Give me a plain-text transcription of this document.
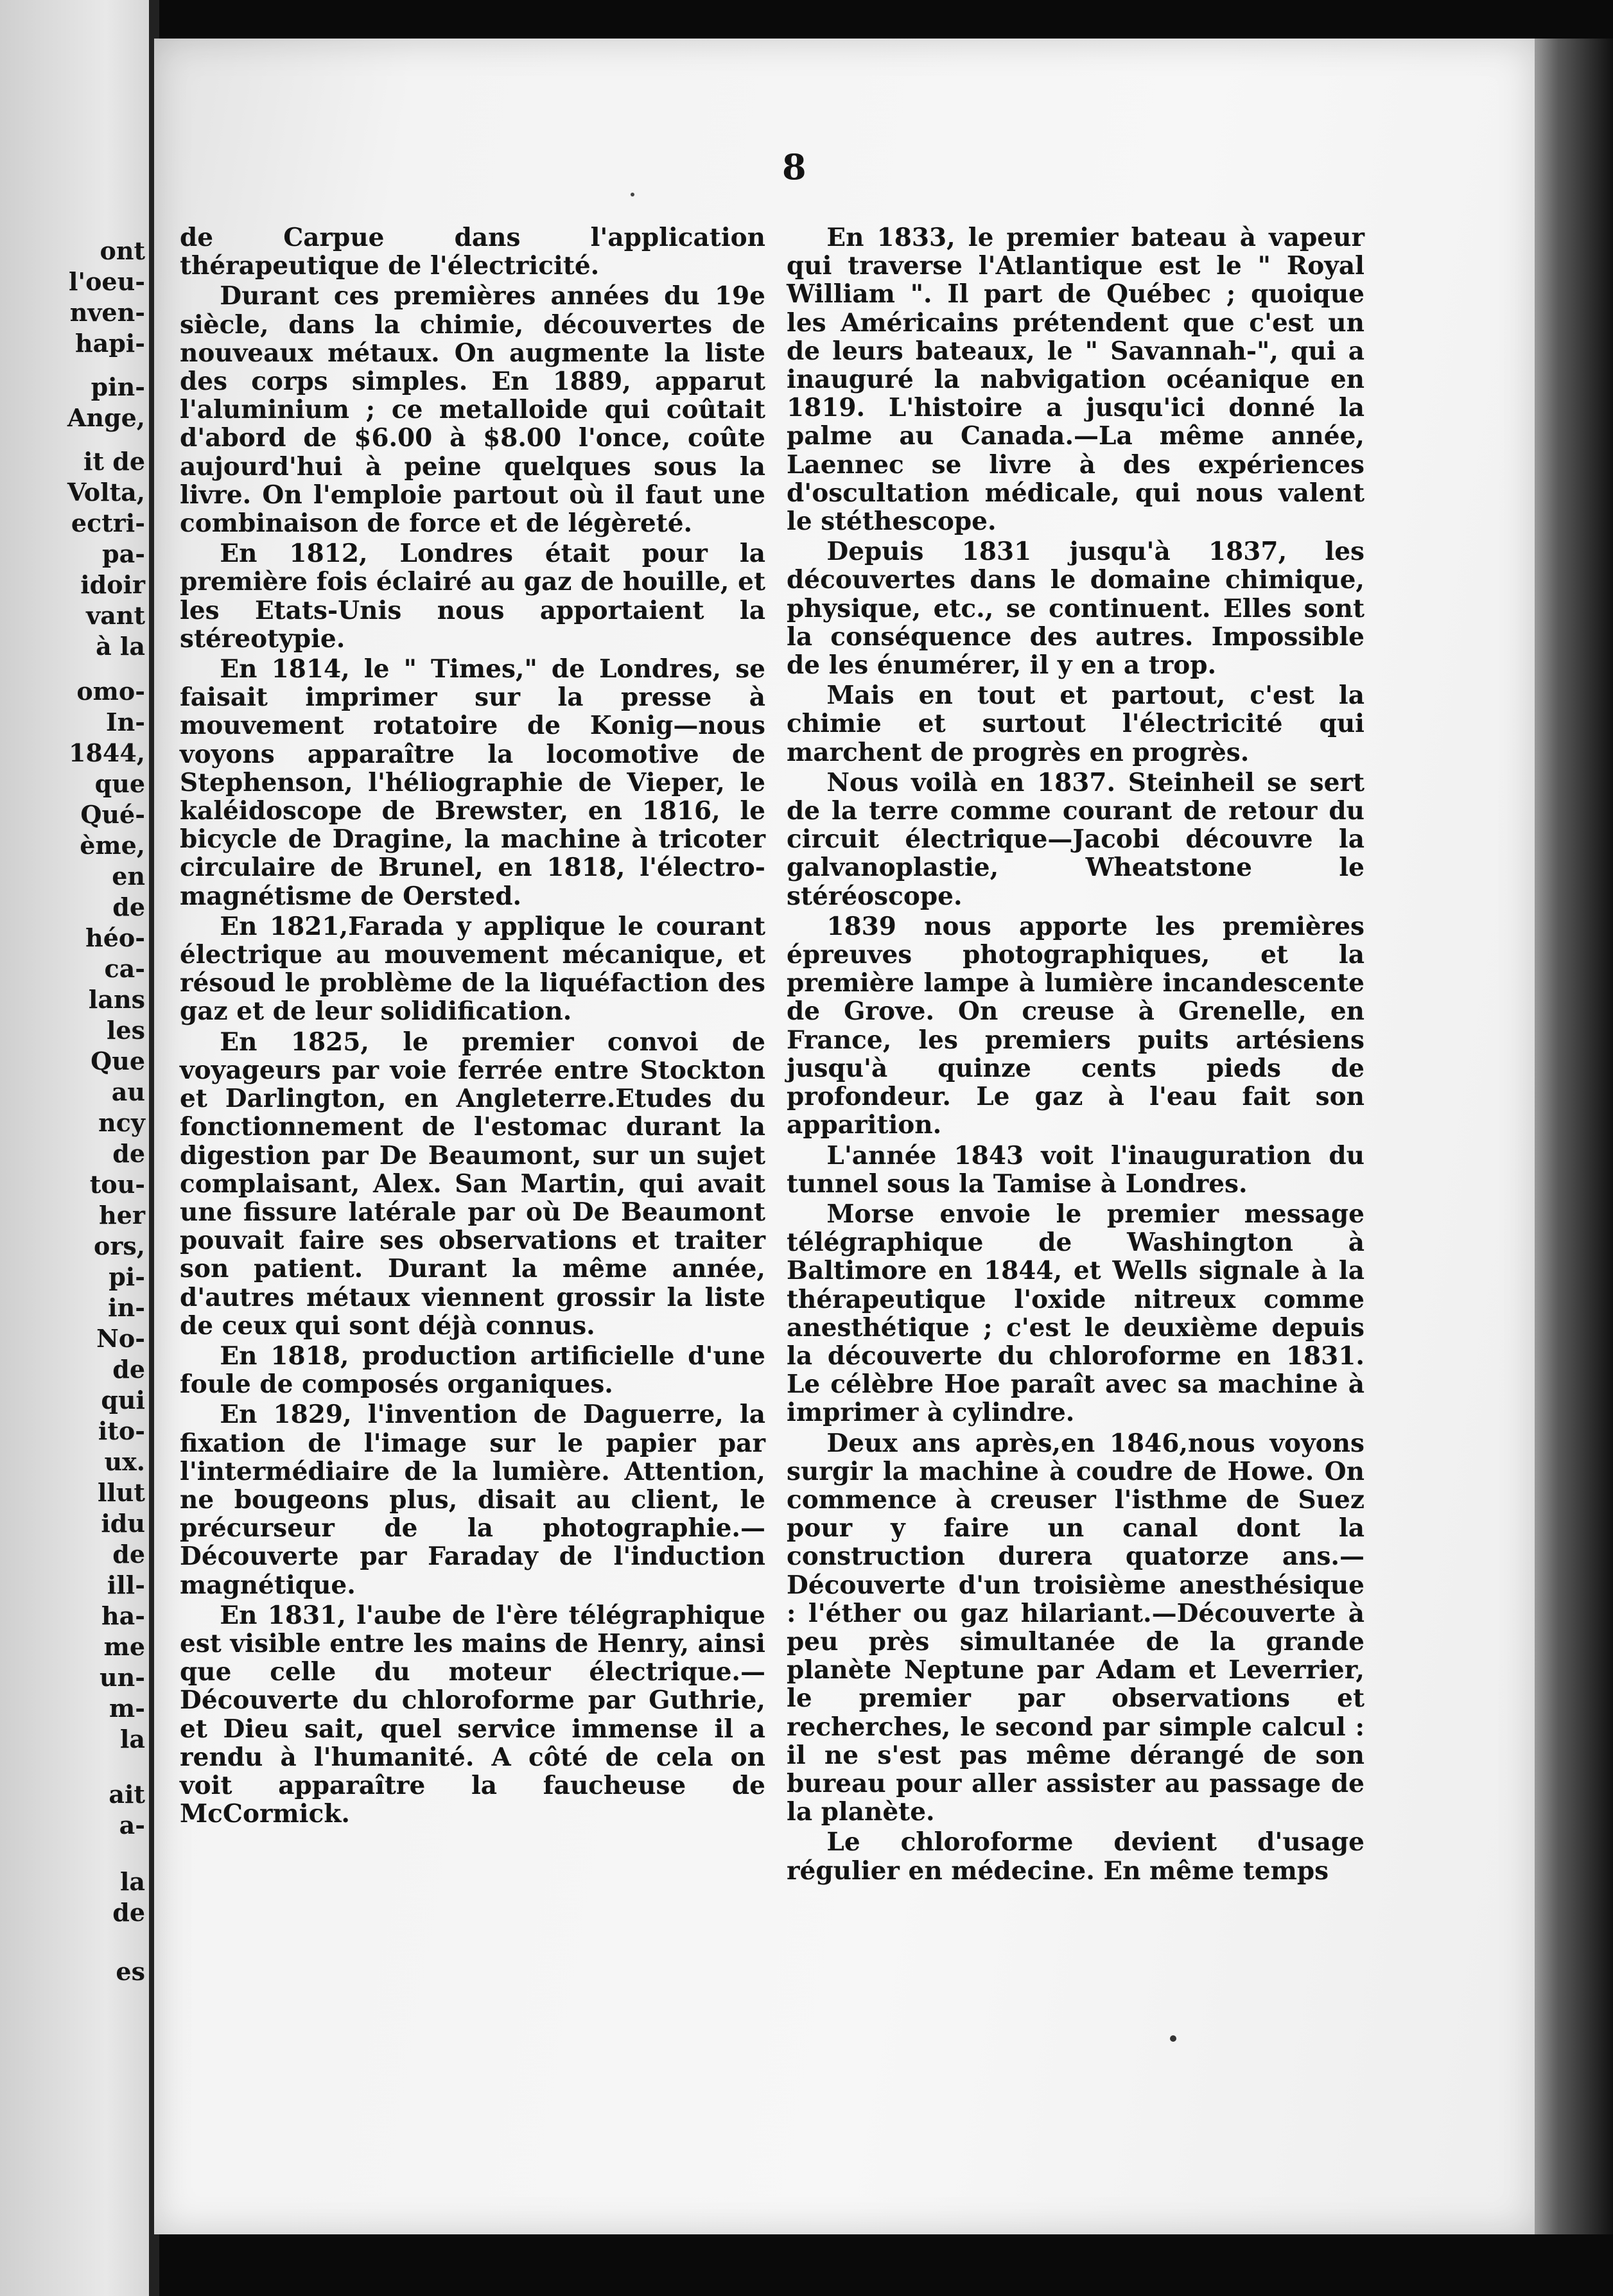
ont
l'oeu-
nven-
hapi-
pin-
Ange,
it de
Volta,
ectri-
pa-
idoir
vant
à la
omo-
In-
1844,
que
Qué-
ème,
en
de
héo-
ca-
lans
les
Que
au
ncy
de
tou-
her
ors,
pi-
in-
No-
de
qui
ito-
ux.
llut
idu
de
ill-
ha-
me
un-
m-
la
ait
a-
la
de
es
8

de Carpue dans l'application thérapeutique de l'électricité.

Durant ces premières années du 19e siècle, dans la chimie, découvertes de nouveaux métaux. On augmente la liste des corps simples. En 1889, apparut l'aluminium ; ce metalloide qui coûtait d'abord de $6.00 à $8.00 l'once, coûte aujourd'hui à peine quelques sous la livre. On l'emploie partout où il faut une combinaison de force et de légèreté.

En 1812, Londres était pour la première fois éclairé au gaz de houille, et les Etats-Unis nous apportaient la stéreotypie.

En 1814, le " Times," de Londres, se faisait imprimer sur la presse à mouvement rotatoire de Konig—nous voyons apparaître la locomotive de Stephenson, l'héliographie de Vieper, le kaléidoscope de Brewster, en 1816, le bicycle de Dragine, la machine à tricoter circulaire de Brunel, en 1818, l'électro-magnétisme de Oersted.

En 1821,Farada y applique le courant électrique au mouvement mécanique, et résoud le problème de la liquéfaction des gaz et de leur solidification.

En 1825, le premier convoi de voyageurs par voie ferrée entre Stockton et Darlington, en Angleterre.Etudes du fonctionnement de l'estomac durant la digestion par De Beaumont, sur un sujet complaisant, Alex. San Martin, qui avait une fissure latérale par où De Beaumont pouvait faire ses observations et traiter son patient. Durant la même année, d'autres métaux viennent grossir la liste de ceux qui sont déjà connus.

En 1818, production artificielle d'une foule de composés organiques.

En 1829, l'invention de Daguerre, la fixation de l'image sur le papier par l'intermédiaire de la lumière. Attention, ne bougeons plus, disait au client, le précurseur de la photographie.—Découverte par Faraday de l'induction magnétique.

En 1831, l'aube de l'ère télégraphique est visible entre les mains de Henry, ainsi que celle du moteur électrique.—Découverte du chloroforme par Guthrie, et Dieu sait, quel service immense il a rendu à l'humanité. A côté de cela on voit apparaître la faucheuse de McCormick.

En 1833, le premier bateau à vapeur qui traverse l'Atlantique est le " Royal William ". Il part de Québec ; quoique les Américains prétendent que c'est un de leurs bateaux, le " Savannah-", qui a inauguré la nabvigation océanique en 1819. L'histoire a jusqu'ici donné la palme au Canada.—La même année, Laennec se livre à des expériences d'oscultation médicale, qui nous valent le stéthescope.

Depuis 1831 jusqu'à 1837, les découvertes dans le domaine chimique, physique, etc., se continuent. Elles sont la conséquence des autres. Impossible de les énumérer, il y en a trop.

Mais en tout et partout, c'est la chimie et surtout l'électricité qui marchent de progrès en progrès.

Nous voilà en 1837. Steinheil se sert de la terre comme courant de retour du circuit électrique—Jacobi découvre la galvanoplastie, Wheatstone le stéréoscope.

1839 nous apporte les premières épreuves photographiques, et la première lampe à lumière incandescente de Grove. On creuse à Grenelle, en France, les premiers puits artésiens jusqu'à quinze cents pieds de profondeur. Le gaz à l'eau fait son apparition.

L'année 1843 voit l'inauguration du tunnel sous la Tamise à Londres.

Morse envoie le premier message télégraphique de Washington à Baltimore en 1844, et Wells signale à la thérapeutique l'oxide nitreux comme anesthétique ; c'est le deuxième depuis la découverte du chloroforme en 1831. Le célèbre Hoe paraît avec sa machine à imprimer à cylindre.

Deux ans après,en 1846,nous voyons surgir la machine à coudre de Howe. On commence à creuser l'isthme de Suez pour y faire un canal dont la construction durera quatorze ans.—Découverte d'un troisième anesthésique : l'éther ou gaz hilariant.—Découverte à peu près simultanée de la grande planète Neptune par Adam et Leverrier, le premier par observations et recherches, le second par simple calcul : il ne s'est pas même dérangé de son bureau pour aller assister au passage de la planète.

Le chloroforme devient d'usage régulier en médecine. En même temps
